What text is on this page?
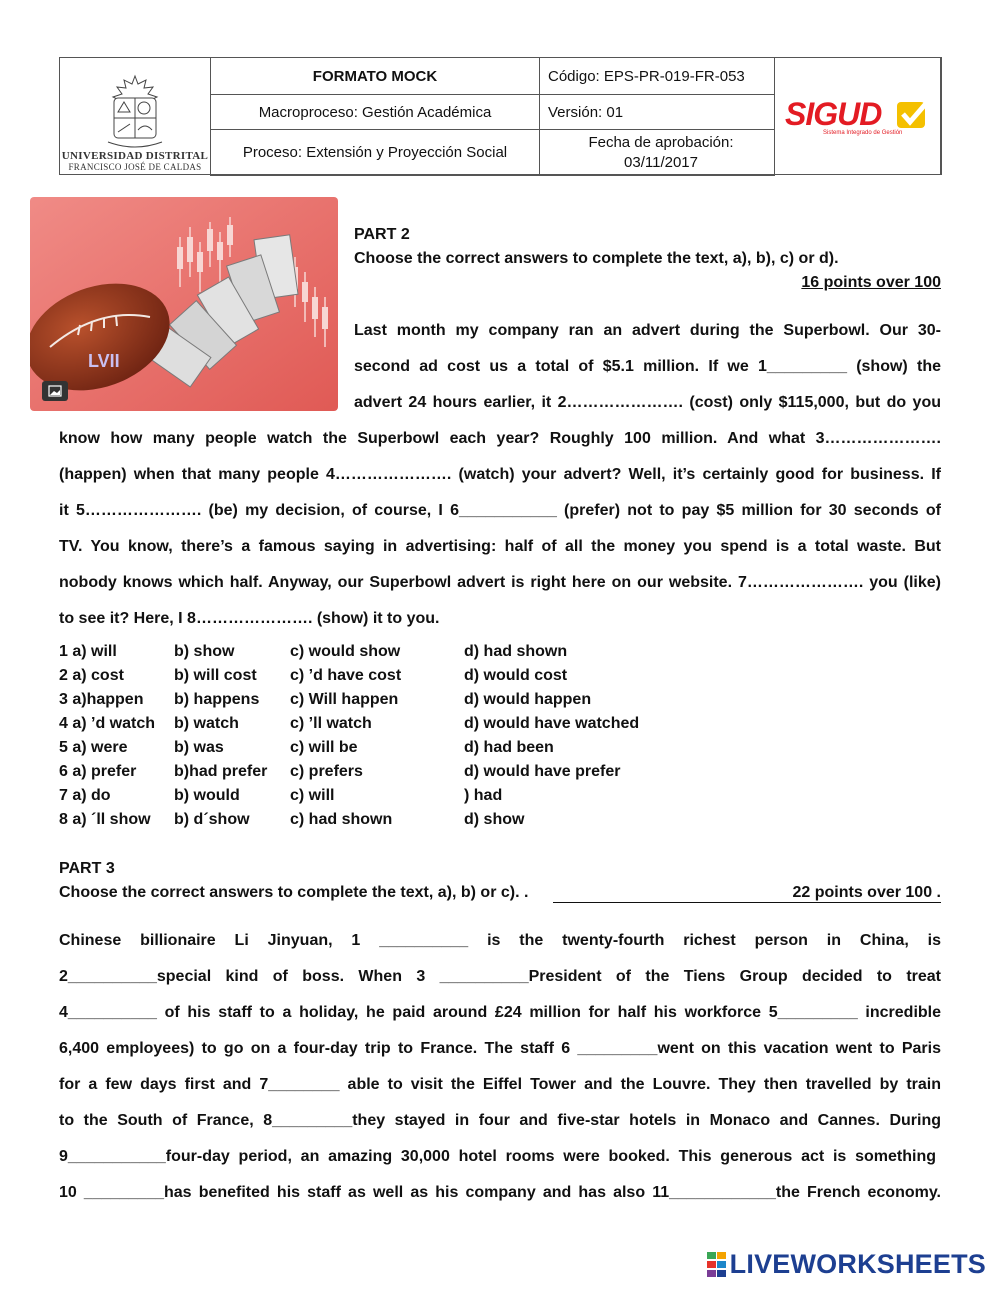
UNIVERSIDAD DISTRITAL
FRANCISCO JOSÉ DE CALDAS
FORMATO MOCK
Macroproceso: Gestión Académica
Proceso: Extensión y Proyección Social
Código: EPS-PR-019-FR-053
Versión: 01
Fecha de aprobación:
03/11/2017
SIGUD
Sistema Integrado de Gestión
LVII
PART 2
Choose the correct answers to complete the text, a), b), c) or d).
16 points over 100
Last month my company ran an advert during the Superbowl. Our 30-
second ad cost us a total of $5.1 million. If we 1_________ (show) the
advert 24 hours earlier, it 2…………………. (cost) only $115,000, but do you
know how many people watch the Superbowl each year? Roughly 100 million. And what 3………………….
(happen) when that many people 4…………………. (watch) your advert? Well, it’s certainly good for business. If
it 5…………………. (be) my decision, of course, I 6___________ (prefer) not to pay $5 million for 30 seconds of
TV. You know, there’s a famous saying in advertising: half of all the money you spend is a total waste. But
nobody knows which half. Anyway, our Superbowl advert is right here on our website. 7…………………. you (like)
to see it? Here, I 8…………………. (show) it to you.
1 a) will	b) show	c) would show	d) had shown
2 a) cost	b) will cost c) ’d have cost	d) would cost
3 a)happen b) happens c) Will happen	d) would happen
4 a) ’d watch b) watch	c) ’ll watch	d) would have watched
5 a) were	b) was	c) will be	d) had been
6 a) prefer b)had prefer c) prefers	d) would have prefer
7 a) do	b) would	c) will	) had
8 a) ´ll show b) d´show	c) had shown	d) show
PART 3
Choose the correct answers to complete the text, a), b) or c). .	22 points over 100 .
Chinese billionaire Li Jinyuan, 1 __________ is the twenty-fourth richest person in China, is
2__________special kind of boss. When 3 __________President of the Tiens Group decided to treat
4__________ of his staff to a holiday, he paid around £24 million for half his workforce 5_________ incredible
6,400 employees) to go on a four-day trip to France. The staff 6 _________went on this vacation went to Paris
for a few days first and 7________ able to visit the Eiffel Tower and the Louvre. They then travelled by train
to the South of France, 8_________they stayed in four and five-star hotels in Monaco and Cannes. During
9___________four-day period, an amazing 30,000 hotel rooms were booked. This generous act is something
10 _________has benefited his staff as well as his company and has also 11____________the French economy.
LIVEWORKSHEETS
